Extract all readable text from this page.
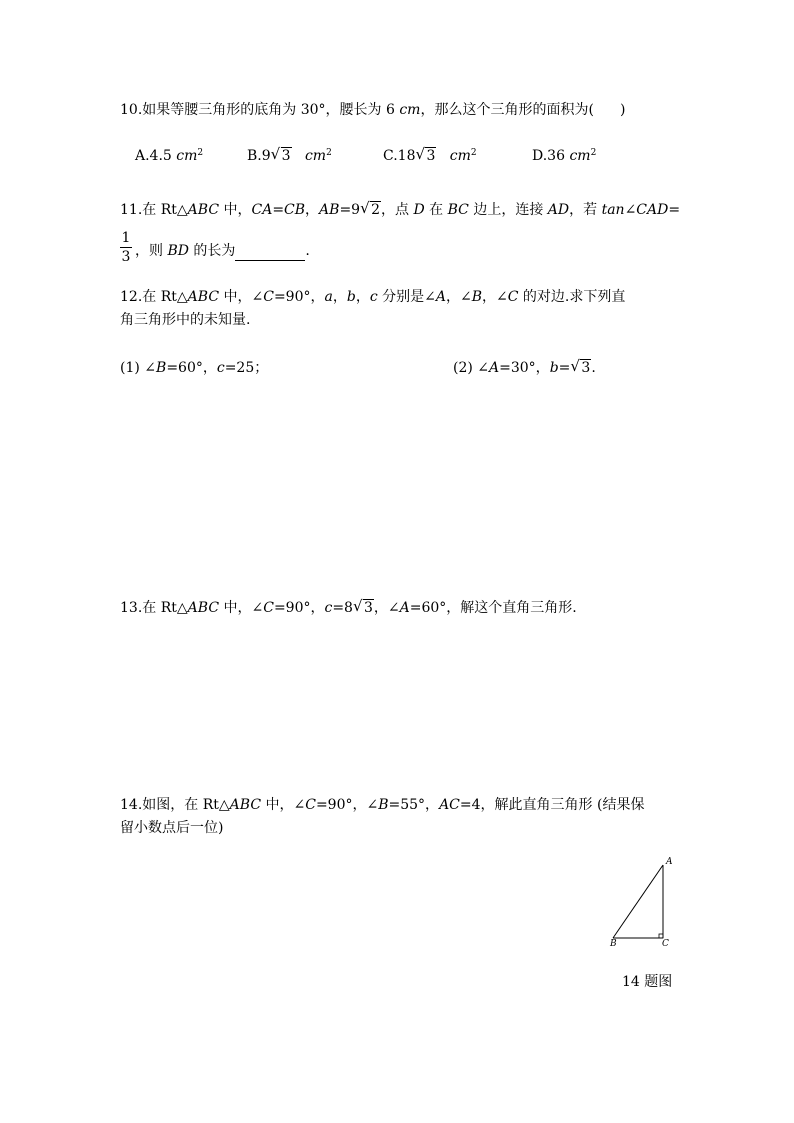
10.如果等腰三角形的底角为 30°，腰长为 6 cm，那么这个三角形的面积为( )
A.4.5 $cm^2$	B.9 √ 3 $cm^2$	C.18 √ 3 $cm^2$	D.36 $cm^2$
11.在 Rt△ABC 中，CA=CB，AB=9 √ 2，点 D 在 BC 边上，连接 AD，若 tan∠CAD=
1
3 ，则 BD 的长为	.
12.在 Rt△ABC 中，∠C=90°，a，b，c 分别是∠A，∠B，∠C 的对边.求下列直
角三角形中的未知量.
(1) ∠B=60°，c=25；	(2) ∠A=30°，b= √ 3.
13.在 Rt△ABC 中，∠C=90°，c=8 √ 3，∠A=60°，解这个直角三角形.
14.如图，在 Rt△ABC 中，∠C=90°，∠B=55°，AC=4，解此直角三角形 (结果保
留小数点后一位)
A
B	C
14 题图
